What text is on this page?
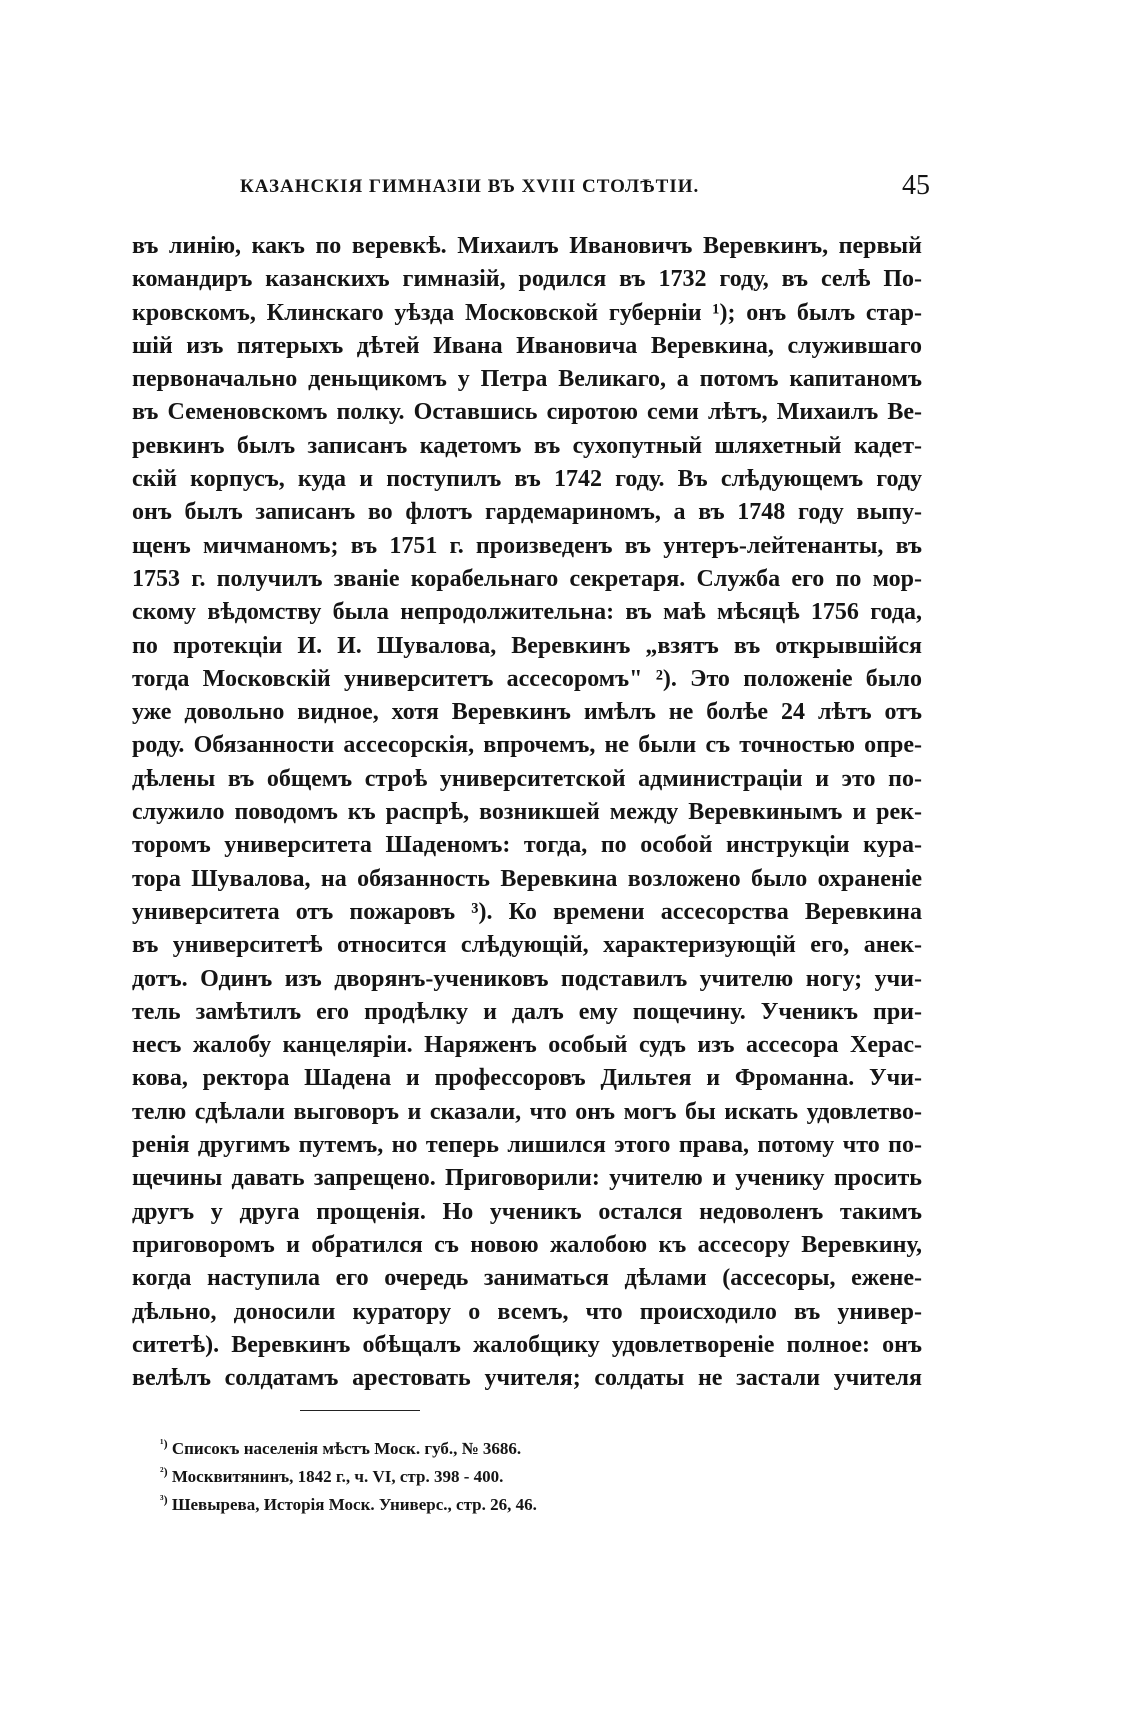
КАЗАНСКІЯ ГИМНАЗІИ ВЪ XVIII СТОЛѢТІИ.	45
въ линію, какъ по веревкѣ. Михаилъ Ивановичъ Веревкинъ, первый
командиръ казанскихъ гимназій, родился въ 1732 году, въ селѣ По-
кровскомъ, Клинскаго уѣзда Московской губерніи ¹); онъ былъ стар-
шій изъ пятерыхъ дѣтей Ивана Ивановича Веревкина, служившаго
первоначально деньщикомъ у Петра Великаго, а потомъ капитаномъ
въ Семеновскомъ полку. Оставшись сиротою семи лѣтъ, Михаилъ Ве-
ревкинъ былъ записанъ кадетомъ въ сухопутный шляхетный кадет-
скій корпусъ, куда и поступилъ въ 1742 году. Въ слѣдующемъ году
онъ былъ записанъ во флотъ гардемариномъ, а въ 1748 году выпу-
щенъ мичманомъ; въ 1751 г. произведенъ въ унтеръ-лейтенанты, въ
1753 г. получилъ званіе корабельнаго секретаря. Служба его по мор-
скому вѣдомству была непродолжительна: въ маѣ мѣсяцѣ 1756 года,
по протекціи И. И. Шувалова, Веревкинъ „взятъ въ открывшійся
тогда Московскій университетъ ассесоромъ" ²). Это положеніе было
уже довольно видное, хотя Веревкинъ имѣлъ не болѣе 24 лѣтъ отъ
роду. Обязанности ассесорскія, впрочемъ, не были съ точностью опре-
дѣлены въ общемъ строѣ университетской администраціи и это по-
служило поводомъ къ распрѣ, возникшей между Веревкинымъ и рек-
торомъ университета Шаденомъ: тогда, по особой инструкціи кура-
тора Шувалова, на обязанность Веревкина возложено было охраненіе
университета отъ пожаровъ ³). Ко времени ассесорства Веревкина
въ университетѣ относится слѣдующій, характеризующій его, анек-
дотъ. Одинъ изъ дворянъ-учениковъ подставилъ учителю ногу; учи-
тель замѣтилъ его продѣлку и далъ ему пощечину. Ученикъ при-
несъ жалобу канцеляріи. Наряженъ особый судъ изъ ассесора Херас-
кова, ректора Шадена и профессоровъ Дильтея и Фроманна. Учи-
телю сдѣлали выговоръ и сказали, что онъ могъ бы искать удовлетво-
ренія другимъ путемъ, но теперь лишился этого права, потому что по-
щечины давать запрещено. Приговорили: учителю и ученику просить
другъ у друга прощенія. Но ученикъ остался недоволенъ такимъ
приговоромъ и обратился съ новою жалобою къ ассесору Веревкину,
когда наступила его очередь заниматься дѣлами (ассесоры, еженe-
дѣльно, доносили куратору о всемъ, что происходило въ универ-
ситетѣ). Веревкинъ обѣщалъ жалобщику удовлетвореніе полное: онъ
велѣлъ солдатамъ арестовать учителя; солдаты не застали учителя
$^{^1)}$ Списокъ населенія мѣстъ Моск. губ., № 3686.
$^{^2)}$ Москвитянинъ, 1842 г., ч. VI, стр. 398 - 400.
$^{^3)}$ Шевырева, Исторія Моск. Универс., стр. 26, 46.
